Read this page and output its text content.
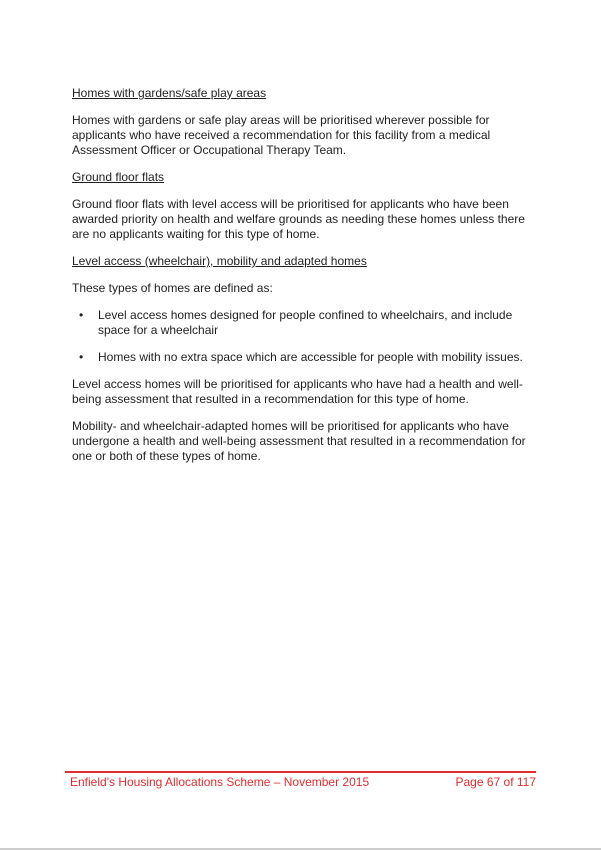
Homes with gardens/safe play areas

Homes with gardens or safe play areas will be prioritised wherever possible for applicants who have received a recommendation for this facility from a medical Assessment Officer or Occupational Therapy Team.

Ground floor flats

Ground floor flats with level access will be prioritised for applicants who have been awarded priority on health and welfare grounds as needing these homes unless there are no applicants waiting for this type of home.

Level access (wheelchair), mobility and adapted homes

These types of homes are defined as:

•	Level access homes designed for people confined to wheelchairs, and include space for a wheelchair
•	Homes with no extra space which are accessible for people with mobility issues.

Level access homes will be prioritised for applicants who have had a health and well-being assessment that resulted in a recommendation for this type of home.

Mobility- and wheelchair-adapted homes will be prioritised for applicants who have undergone a health and well-being assessment that resulted in a recommendation for one or both of these types of home.

Enfield's Housing Allocations Scheme – November 2015	Page 67 of 117
